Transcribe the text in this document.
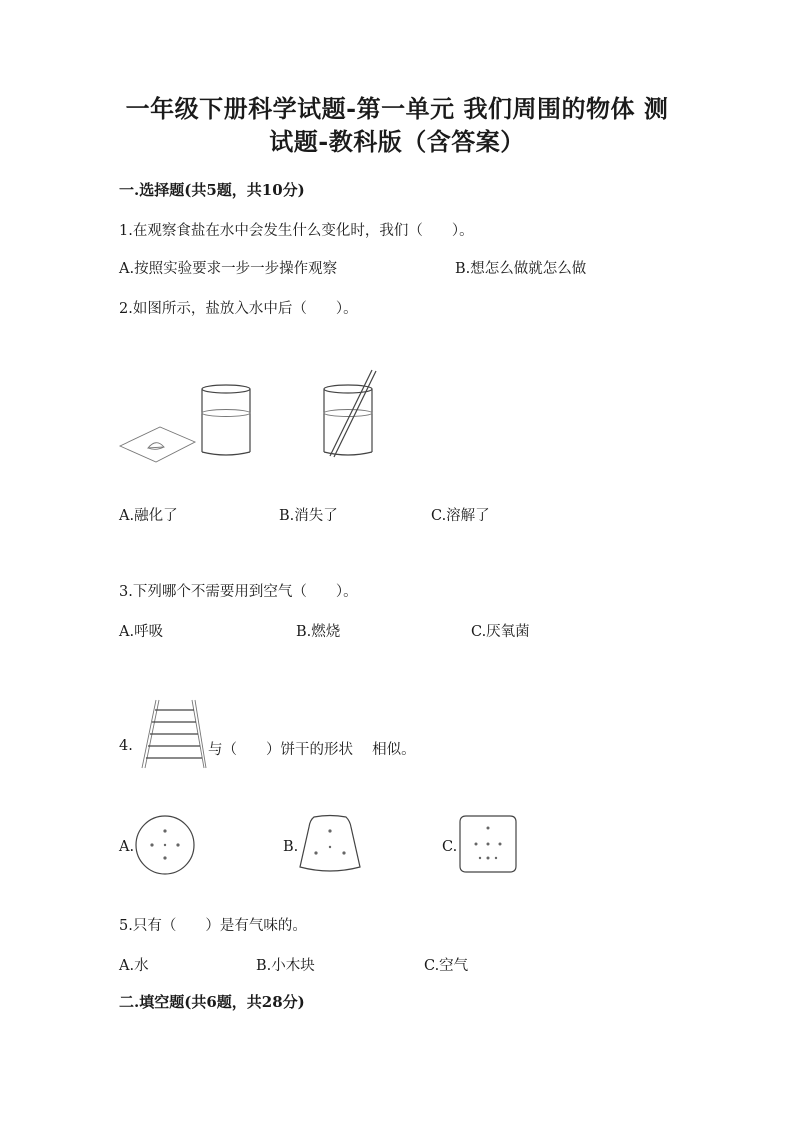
一年级下册科学试题-第一单元 我们周围的物体 测
试题-教科版（含答案）
一.选择题(共5题，共10分)
1.在观察食盐在水中会发生什么变化时，我们（　　）。
A.按照实验要求一步一步操作观察	B.想怎么做就怎么做
2.如图所示，盐放入水中后（　　）。
A.融化了	B.消失了	C.溶解了
3.下列哪个不需要用到空气（　　）。
A.呼吸	B.燃烧	C.厌氧菌
4.	与（　　）饼干的形状　 相似。
A.	B.	C.
5.只有（　　）是有气味的。
A.水	B.小木块	C.空气
二.填空题(共6题，共28分)
